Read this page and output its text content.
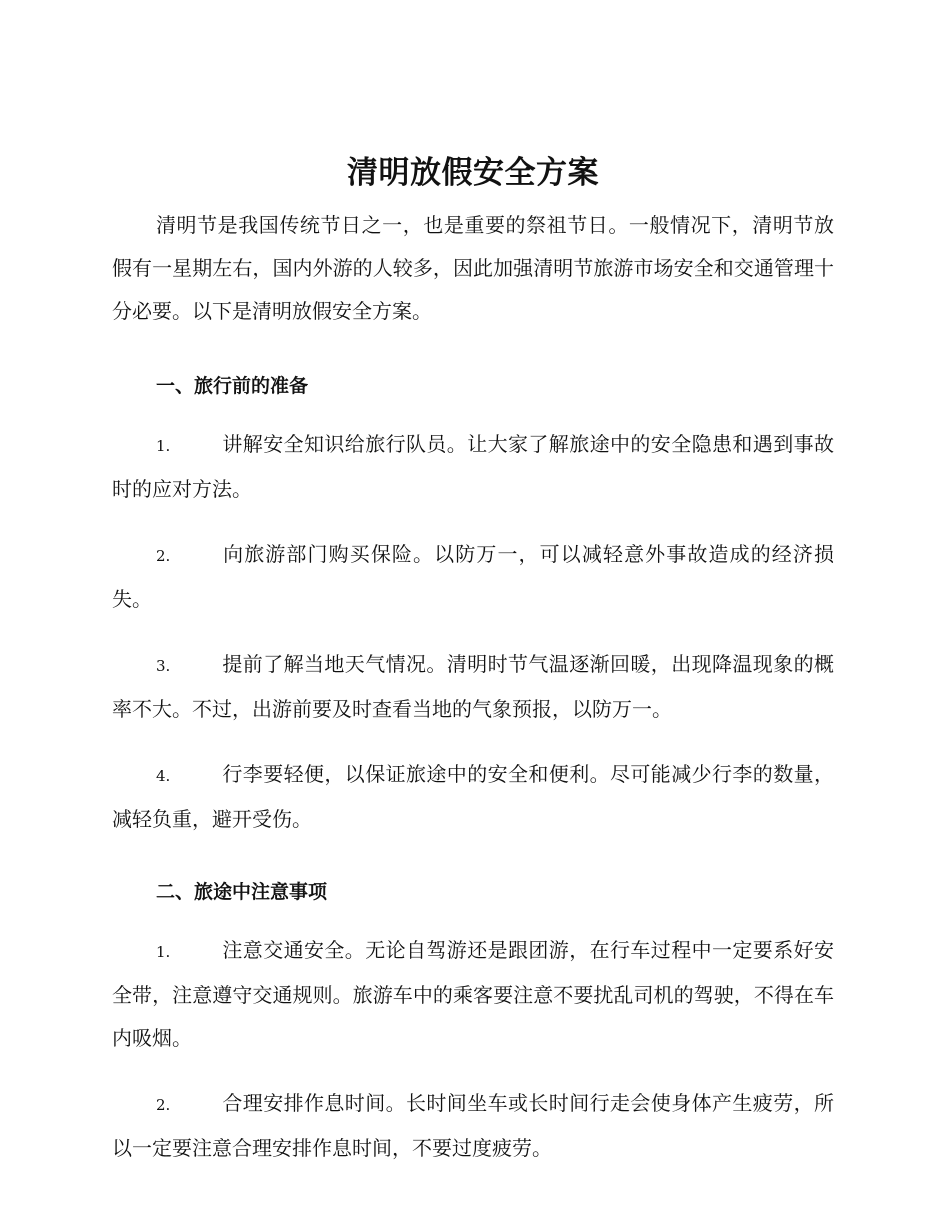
清明放假安全方案

清明节是我国传统节日之一，也是重要的祭祖节日。一般情况下，清明节放假有一星期左右，国内外游的人较多，因此加强清明节旅游市场安全和交通管理十分必要。以下是清明放假安全方案。

一、旅行前的准备

1.	讲解安全知识给旅行队员。让大家了解旅途中的安全隐患和遇到事故时的应对方法。

2.	向旅游部门购买保险。以防万一，可以减轻意外事故造成的经济损失。

3.	提前了解当地天气情况。清明时节气温逐渐回暖，出现降温现象的概率不大。不过，出游前要及时查看当地的气象预报，以防万一。

4.	行李要轻便，以保证旅途中的安全和便利。尽可能减少行李的数量，减轻负重，避开受伤。

二、旅途中注意事项

1.	注意交通安全。无论自驾游还是跟团游，在行车过程中一定要系好安全带，注意遵守交通规则。旅游车中的乘客要注意不要扰乱司机的驾驶，不得在车内吸烟。

2.	合理安排作息时间。长时间坐车或长时间行走会使身体产生疲劳，所以一定要注意合理安排作息时间，不要过度疲劳。
